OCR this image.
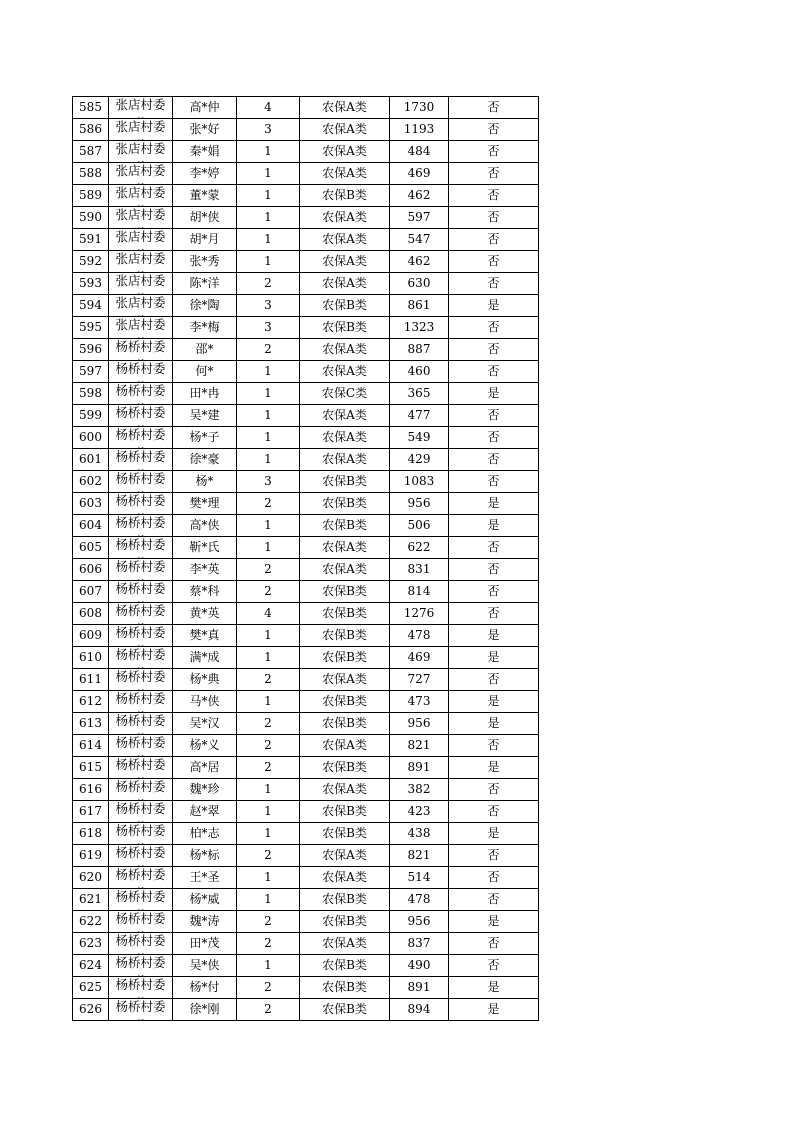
585	张店村委	高*仲	4	农保A类	1730	否
586	张店村委	张*好	3	农保A类	1193	否
587	张店村委	秦*娟	1	农保A类	484	否
588	张店村委	李*婷	1	农保A类	469	否
589	张店村委	董*蒙	1	农保B类	462	否
590	张店村委	胡*侠	1	农保A类	597	否
591	张店村委	胡*月	1	农保A类	547	否
592	张店村委	张*秀	1	农保A类	462	否
593	张店村委	陈*洋	2	农保A类	630	否
594	张店村委	徐*陶	3	农保B类	861	是
595	张店村委	李*梅	3	农保B类	1323	否
596	杨桥村委	邵*	2	农保A类	887	否
597	杨桥村委	何*	1	农保A类	460	否
598	杨桥村委	田*冉	1	农保C类	365	是
599	杨桥村委	吴*建	1	农保A类	477	否
600	杨桥村委	杨*子	1	农保A类	549	否
601	杨桥村委	徐*豪	1	农保A类	429	否
602	杨桥村委	杨*	3	农保B类	1083	否
603	杨桥村委	樊*理	2	农保B类	956	是
604	杨桥村委	高*侠	1	农保B类	506	是
605	杨桥村委	靳*氏	1	农保A类	622	否
606	杨桥村委	李*英	2	农保A类	831	否
607	杨桥村委	蔡*科	2	农保B类	814	否
608	杨桥村委	黄*英	4	农保B类	1276	否
609	杨桥村委	樊*真	1	农保B类	478	是
610	杨桥村委	满*成	1	农保B类	469	是
611	杨桥村委	杨*典	2	农保A类	727	否
612	杨桥村委	马*侠	1	农保B类	473	是
613	杨桥村委	吴*汉	2	农保B类	956	是
614	杨桥村委	杨*义	2	农保A类	821	否
615	杨桥村委	高*居	2	农保B类	891	是
616	杨桥村委	魏*珍	1	农保A类	382	否
617	杨桥村委	赵*翠	1	农保B类	423	否
618	杨桥村委	柏*志	1	农保B类	438	是
619	杨桥村委	杨*标	2	农保A类	821	否
620	杨桥村委	王*圣	1	农保A类	514	否
621	杨桥村委	杨*威	1	农保B类	478	否
622	杨桥村委	魏*涛	2	农保B类	956	是
623	杨桥村委	田*茂	2	农保A类	837	否
624	杨桥村委	吴*侠	1	农保B类	490	否
625	杨桥村委	杨*付	2	农保B类	891	是
626	杨桥村委	徐*刚	2	农保B类	894	是
